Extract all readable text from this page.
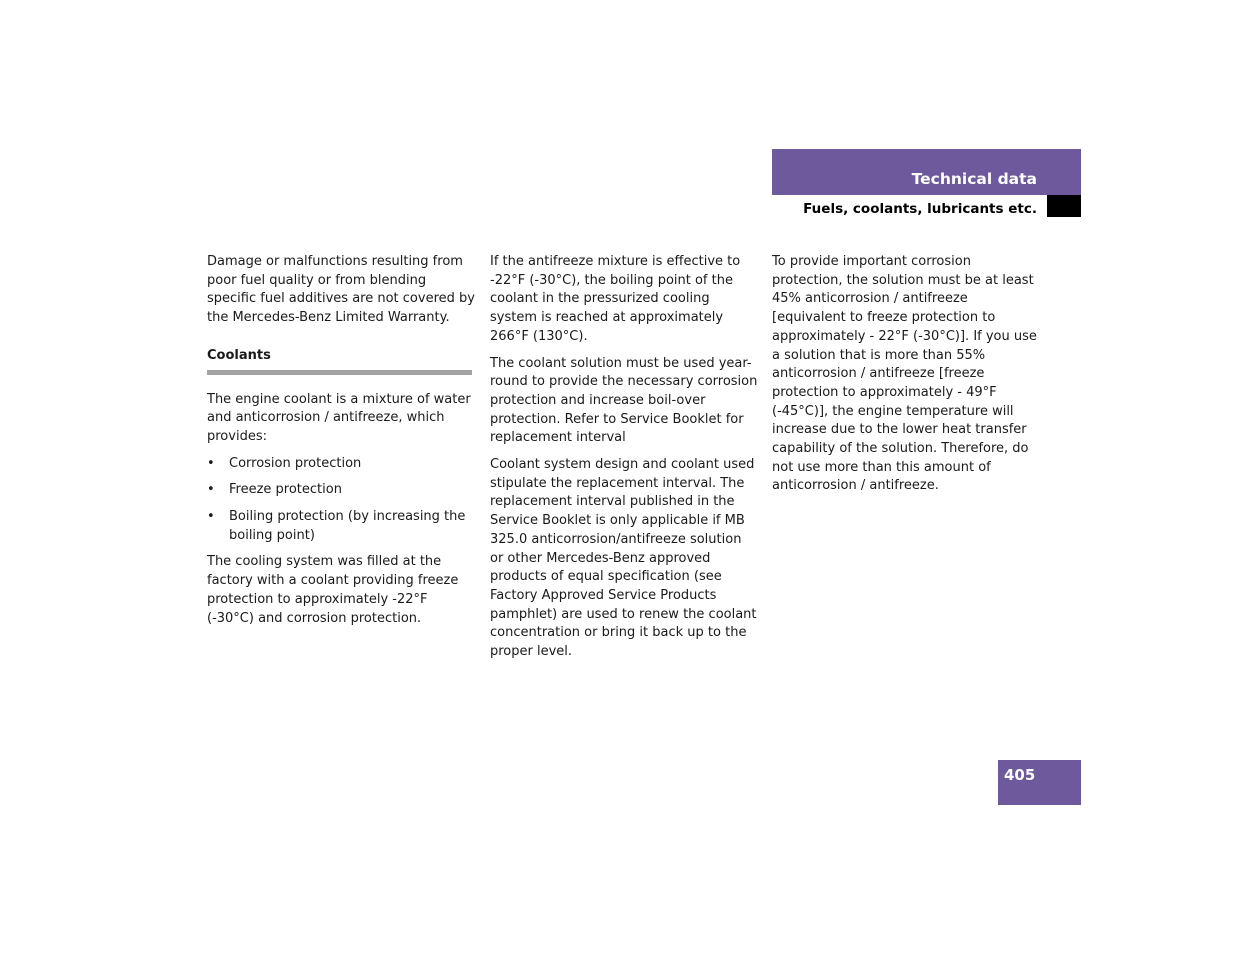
Technical data
Fuels, coolants, lubricants etc.

Damage or malfunctions resulting from poor fuel quality or from blending specific fuel additives are not covered by the Mercedes-Benz Limited Warranty.

Coolants

The engine coolant is a mixture of water and anticorrosion / antifreeze, which provides:

• Corrosion protection
• Freeze protection
• Boiling protection (by increasing the boiling point)

The cooling system was filled at the factory with a coolant providing freeze protection to approximately -22°F (-30°C) and corrosion protection.

If the antifreeze mixture is effective to -22°F (-30°C), the boiling point of the coolant in the pressurized cooling system is reached at approximately 266°F (130°C).

The coolant solution must be used year-round to provide the necessary corrosion protection and increase boil-over protection. Refer to Service Booklet for replacement interval

Coolant system design and coolant used stipulate the replacement interval. The replacement interval published in the Service Booklet is only applicable if MB 325.0 anticorrosion/antifreeze solution or other Mercedes-Benz approved products of equal specification (see Factory Approved Service Products pamphlet) are used to renew the coolant concentration or bring it back up to the proper level.

To provide important corrosion protection, the solution must be at least 45% anticorrosion / antifreeze [equivalent to freeze protection to approximately - 22°F (-30°C)]. If you use a solution that is more than 55% anticorrosion / antifreeze [freeze protection to approximately - 49°F (-45°C)], the engine temperature will increase due to the lower heat transfer capability of the solution. Therefore, do not use more than this amount of anticorrosion / antifreeze.

405
